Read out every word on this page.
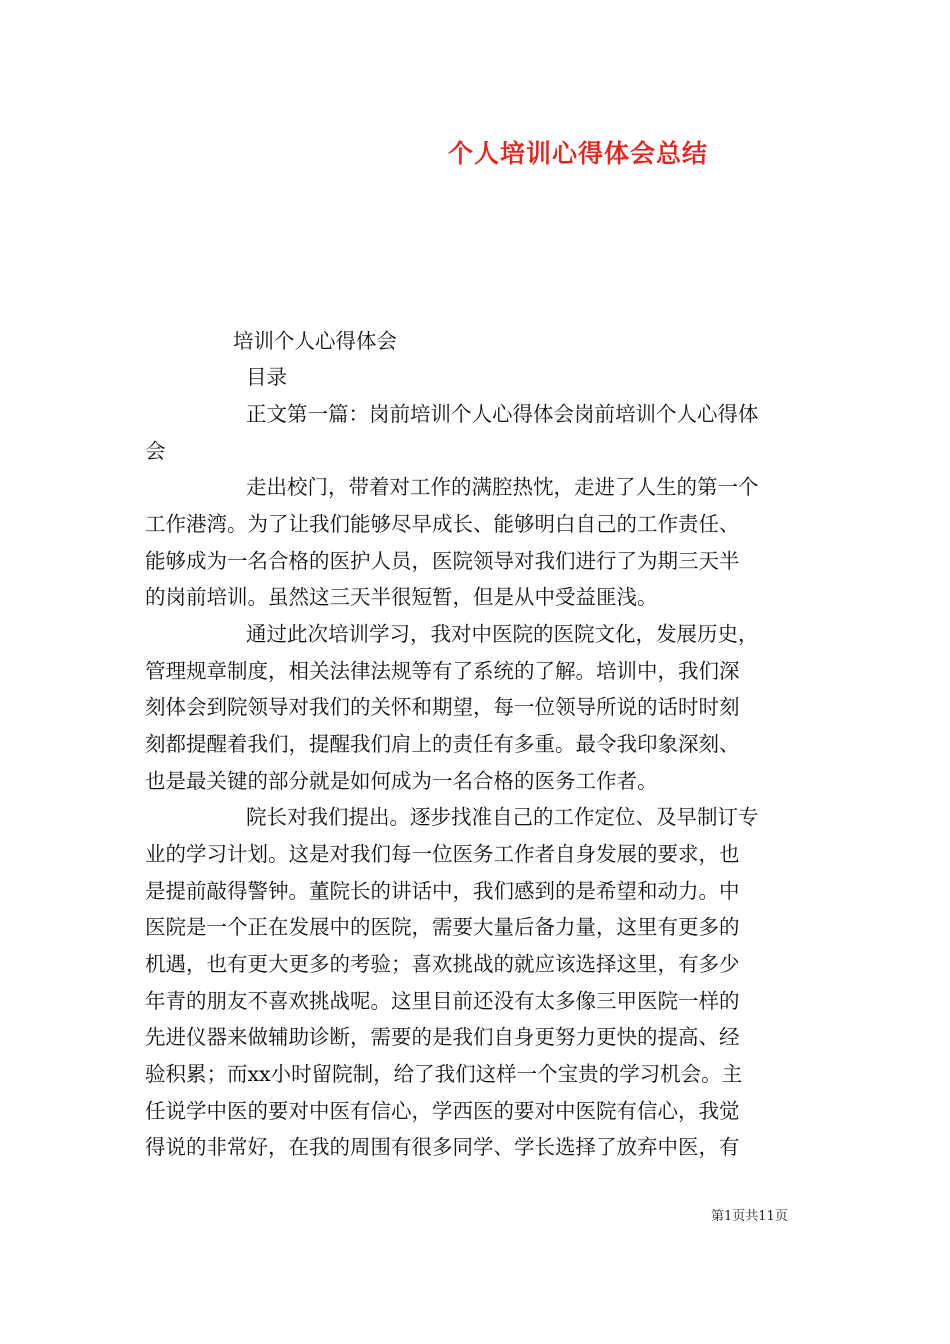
个人培训心得体会总结
培训个人心得体会
目录
正文第一篇：岗前培训个人心得体会岗前培训个人心得体
会
走出校门，带着对工作的满腔热忱，走进了人生的第一个
工作港湾。为了让我们能够尽早成长、能够明白自己的工作责任、
能够成为一名合格的医护人员，医院领导对我们进行了为期三天半
的岗前培训。虽然这三天半很短暂，但是从中受益匪浅。
通过此次培训学习，我对中医院的医院文化，发展历史，
管理规章制度，相关法律法规等有了系统的了解。培训中，我们深
刻体会到院领导对我们的关怀和期望，每一位领导所说的话时时刻
刻都提醒着我们，提醒我们肩上的责任有多重。最令我印象深刻、
也是最关键的部分就是如何成为一名合格的医务工作者。
院长对我们提出。逐步找准自己的工作定位、及早制订专
业的学习计划。这是对我们每一位医务工作者自身发展的要求，也
是提前敲得警钟。董院长的讲话中，我们感到的是希望和动力。中
医院是一个正在发展中的医院，需要大量后备力量，这里有更多的
机遇，也有更大更多的考验；喜欢挑战的就应该选择这里，有多少
年青的朋友不喜欢挑战呢。这里目前还没有太多像三甲医院一样的
先进仪器来做辅助诊断，需要的是我们自身更努力更快的提高、经
验积累；而xx小时留院制，给了我们这样一个宝贵的学习机会。主
任说学中医的要对中医有信心，学西医的要对中医院有信心，我觉
得说的非常好，在我的周围有很多同学、学长选择了放弃中医，有
第1页共11页
